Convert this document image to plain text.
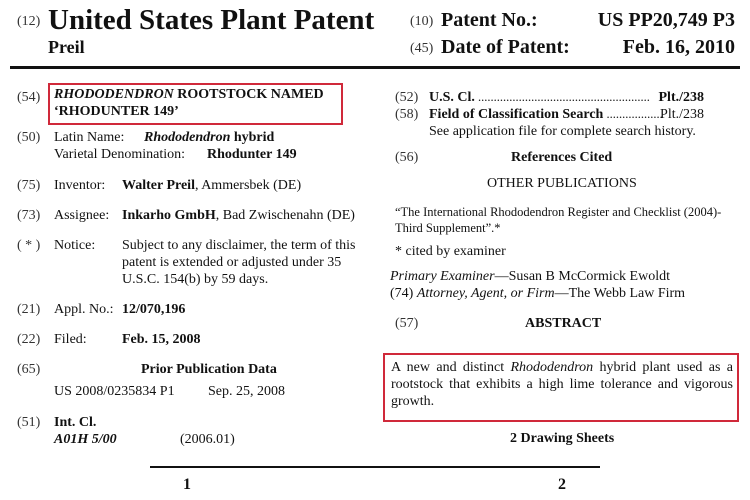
(12) United States Plant Patent
Preil
(10) Patent No.:	US PP20,749 P3
(45) Date of Patent:	Feb. 16, 2010
(54) RHODODENDRON ROOTSTOCK NAMED
‘RHODUNTER 149’
(50) Latin Name: Rhododendron hybrid
Varietal Denomination: Rhodunter 149
(75) Inventor: Walter Preil, Ammersbek (DE)
(73) Assignee: Inkarho GmbH, Bad Zwischenahn (DE)
( * ) Notice: Subject to any disclaimer, the term of this
patent is extended or adjusted under 35
U.S.C. 154(b) by 59 days.
(21) Appl. No.: 12/070,196
(22) Filed:	Feb. 15, 2008
(65)	Prior Publication Data
US 2008/0235834 P1 Sep. 25, 2008
(51) Int. Cl.
A01H 5/00	(2006.01)
(52) U.S. Cl. ....................................................... Plt./238
(58) Field of Classification Search ..................
Plt./238
See application file for complete search history.
(56)	References Cited
OTHER PUBLICATIONS
“The International Rhododendron Register and Checklist (2004)-
Third Supplement”.*
* cited by examiner
Primary Examiner—Susan B McCormick Ewoldt
(74) Attorney, Agent, or Firm—The Webb Law Firm
(57)	ABSTRACT
A new and distinct Rhododendron hybrid plant used as a rootstock that exhibits a high lime tolerance and vigorous growth.
2 Drawing Sheets
1	2
